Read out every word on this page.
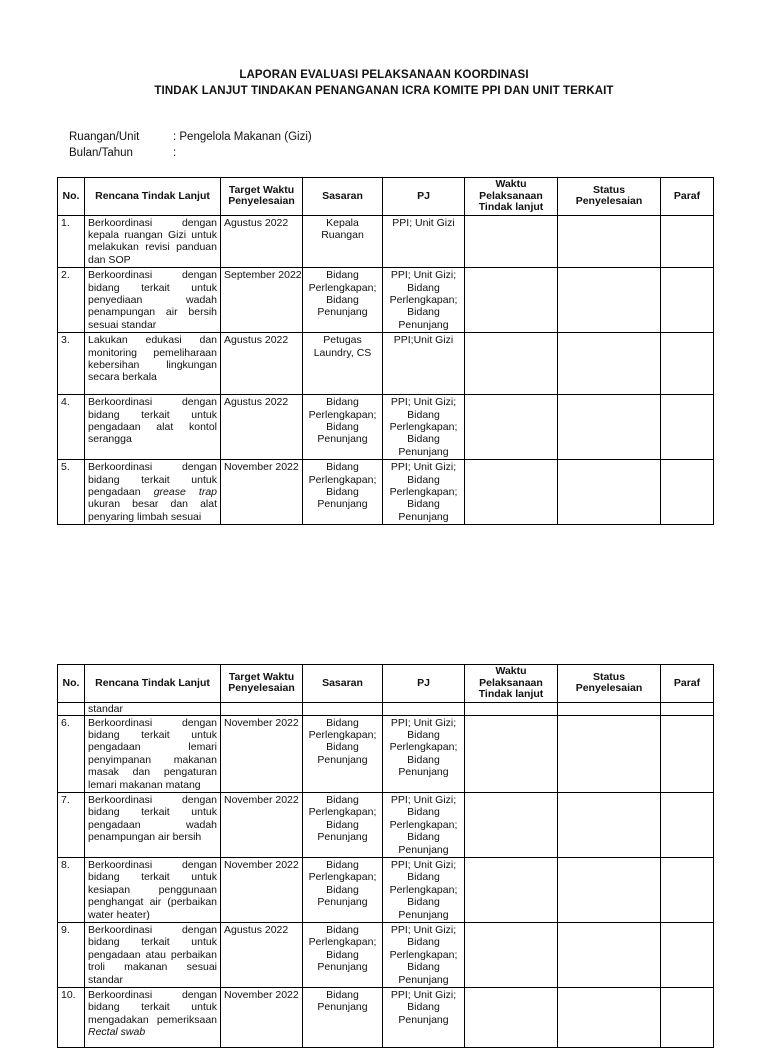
LAPORAN EVALUASI PELAKSANAAN KOORDINASI
TINDAK LANJUT TINDAKAN PENANGANAN ICRA KOMITE PPI DAN UNIT TERKAIT
Ruangan/Unit	: Pengelola Makanan (Gizi)
Bulan/Tahun	:
No.	Rencana Tindak Lanjut	Target Waktu Penyelesaian	Sasaran	PJ	Waktu Pelaksanaan Tindak lanjut	Status Penyelesaian	Paraf
1.	Berkoordinasi dengan kepala ruangan Gizi untuk melakukan revisi panduan dan SOP	Agustus 2022	Kepala Ruangan	PPI; Unit Gizi			
2.	Berkoordinasi dengan bidang terkait untuk penyediaan wadah penampungan air bersih sesuai standar	September 2022	Bidang Perlengkapan; Bidang Penunjang	PPI; Unit Gizi; Bidang Perlengkapan; Bidang Penunjang			
3.	Lakukan edukasi dan monitoring pemeliharaan kebersihan lingkungan secara berkala	Agustus 2022	Petugas Laundry, CS	PPI;Unit Gizi			
4.	Berkoordinasi dengan bidang terkait untuk pengadaan alat kontol serangga	Agustus 2022	Bidang Perlengkapan; Bidang Penunjang	PPI; Unit Gizi; Bidang Perlengkapan; Bidang Penunjang			
5.	Berkoordinasi dengan bidang terkait untuk pengadaan grease trap ukuran besar dan alat penyaring limbah sesuai	November 2022	Bidang Perlengkapan; Bidang Penunjang	PPI; Unit Gizi; Bidang Perlengkapan; Bidang Penunjang			
No.	Rencana Tindak Lanjut	Target Waktu Penyelesaian	Sasaran	PJ	Waktu Pelaksanaan Tindak lanjut	Status Penyelesaian	Paraf
	standar						
6.	Berkoordinasi dengan bidang terkait untuk pengadaan lemari penyimpanan makanan masak dan pengaturan lemari makanan matang	November 2022	Bidang Perlengkapan; Bidang Penunjang	PPI; Unit Gizi; Bidang Perlengkapan; Bidang Penunjang			
7.	Berkoordinasi dengan bidang terkait untuk pengadaan wadah penampungan air bersih	November 2022	Bidang Perlengkapan; Bidang Penunjang	PPI; Unit Gizi; Bidang Perlengkapan; Bidang Penunjang			
8.	Berkoordinasi dengan bidang terkait untuk kesiapan penggunaan penghangat air (perbaikan water heater)	November 2022	Bidang Perlengkapan; Bidang Penunjang	PPI; Unit Gizi; Bidang Perlengkapan; Bidang Penunjang			
9.	Berkoordinasi dengan bidang terkait untuk pengadaan atau perbaikan troli makanan sesuai standar	Agustus 2022	Bidang Perlengkapan; Bidang Penunjang	PPI; Unit Gizi; Bidang Perlengkapan; Bidang Penunjang			
10.	Berkoordinasi dengan bidang terkait untuk mengadakan pemeriksaan Rectal swab	November 2022	Bidang Penunjang	PPI; Unit Gizi; Bidang Penunjang			
